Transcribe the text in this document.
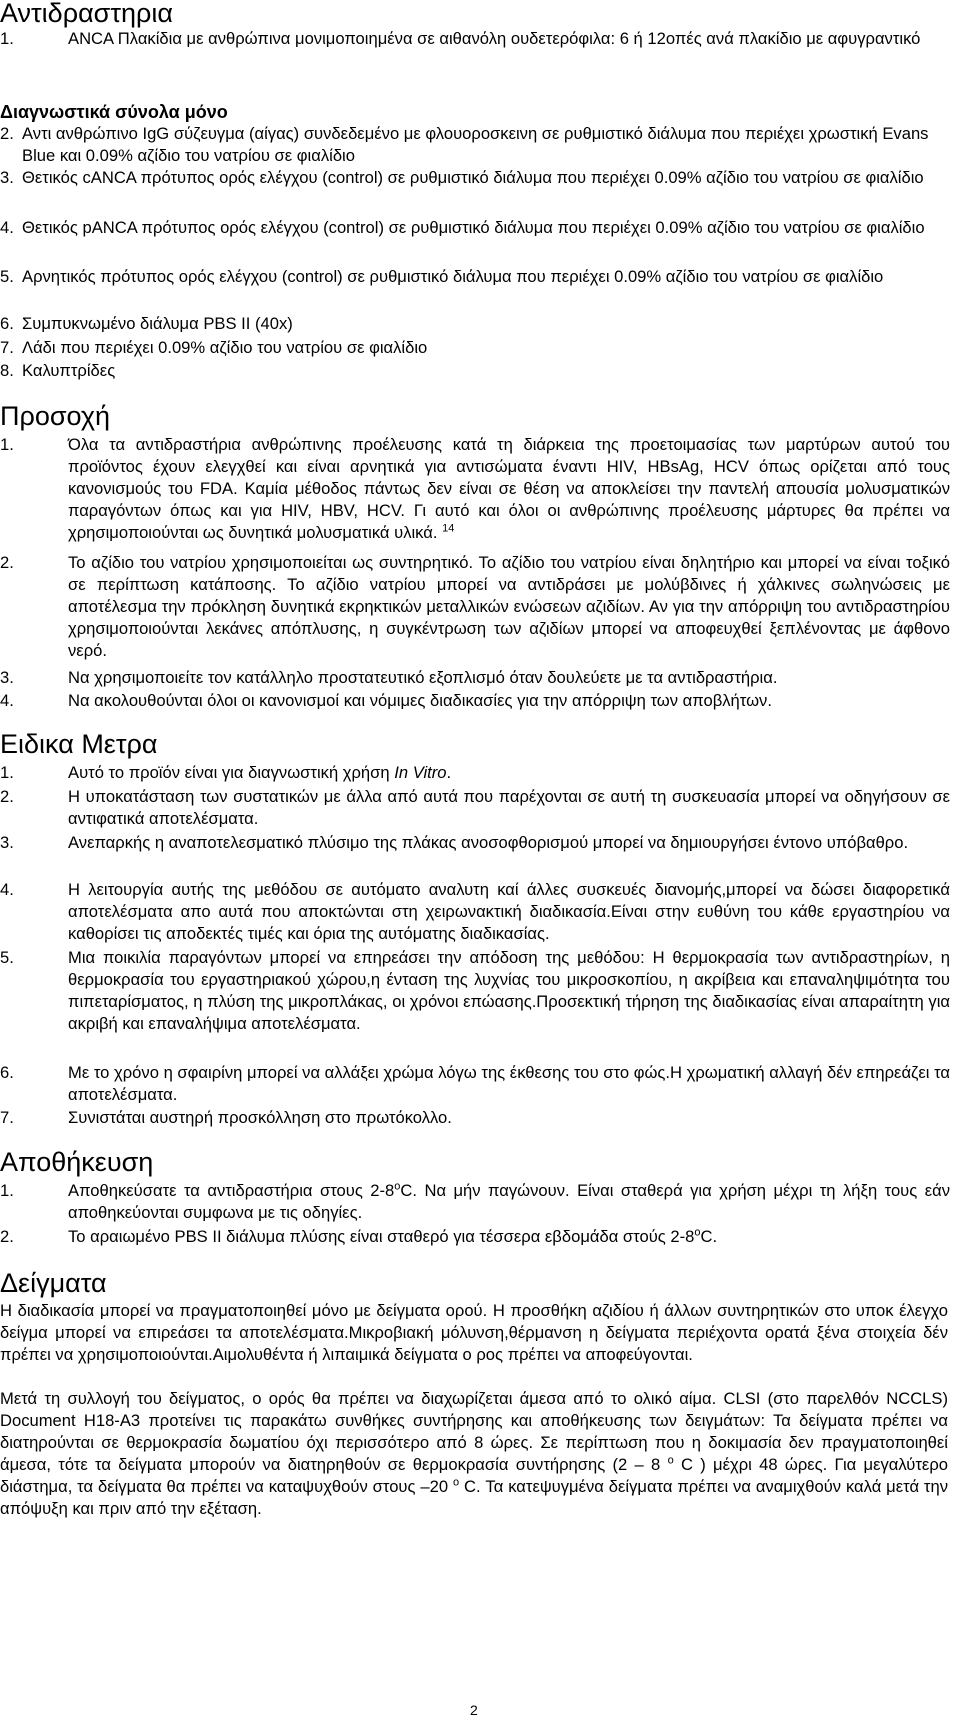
Αντιδραστηρια
1.	ANCA Πλακίδια με ανθρώπινα μονιμοποιημένα σε αιθανόλη ουδετερόφιλα: 6 ή 12οπές ανά πλακίδιο με αφυγραντικό
Διαγνωστικά σύνολα μόνο
2. Αντι ανθρώπινο IgG σύζευγμα (αίγας) συνδεδεμένο με φλουοροσκεινη σε ρυθμιστικό διάλυμα που περιέχει χρωστική Evans Blue και 0.09% αζίδιο του νατρίου σε φιαλίδιο
3. Θετικός cANCA πρότυπος ορός ελέγχου (control) σε ρυθμιστικό διάλυμα που περιέχει 0.09% αζίδιο του νατρίου σε φιαλίδιο
4. Θετικός pANCA πρότυπος ορός ελέγχου (control) σε ρυθμιστικό διάλυμα που περιέχει 0.09% αζίδιο του νατρίου σε φιαλίδιο
5. Αρνητικός πρότυπος ορός ελέγχου (control) σε ρυθμιστικό διάλυμα που περιέχει 0.09% αζίδιο του νατρίου σε φιαλίδιο
6. Συμπυκνωμένο διάλυμα PBS II (40x)
7. Λάδι που περιέχει 0.09% αζίδιο του νατρίου σε φιαλίδιο
8. Καλυπτρίδες
Προσοχή
1.	Όλα τα αντιδραστήρια ανθρώπινης προέλευσης κατά τη διάρκεια της προετοιμασίας των μαρτύρων αυτού του προϊόντος έχουν ελεγχθεί και είναι αρνητικά για αντισώματα έναντι HIV, HBsAg, HCV όπως ορίζεται από τους κανονισμούς του FDA. Καμία μέθοδος πάντως δεν είναι σε θέση να αποκλείσει την παντελή απουσία μολυσματικών παραγόντων όπως και για HIV, HBV, HCV. Γι αυτό και όλοι οι ανθρώπινης προέλευσης μάρτυρες θα πρέπει να χρησιμοποιούνται ως δυνητικά μολυσματικά υλικά. $^{14}$
2.	Το αζίδιο του νατρίου χρησιμοποιείται ως συντηρητικό. Το αζίδιο του νατρίου είναι δηλητήριο και μπορεί να είναι τοξικό σε περίπτωση κατάποσης. Το αζίδιο νατρίου μπορεί να αντιδράσει με μολύβδινες ή χάλκινες σωληνώσεις με αποτέλεσμα την πρόκληση δυνητικά εκρηκτικών μεταλλικών ενώσεων αζιδίων. Αν για την απόρριψη του αντιδραστηρίου χρησιμοποιούνται λεκάνες απόπλυσης, η συγκέντρωση των αζιδίων μπορεί να αποφευχθεί ξεπλένοντας με άφθονο νερό.
3.	Να χρησιμοποιείτε τον κατάλληλο προστατευτικό εξοπλισμό όταν δουλεύετε με τα αντιδραστήρια.
4.	Να ακολουθούνται όλοι οι κανονισμοί και νόμιμες διαδικασίες για την απόρριψη των αποβλήτων.
Ειδικα Μετρα
1.	Αυτό το προϊόν είναι για διαγνωστική χρήση In Vitro.
2.	Η υποκατάσταση των συστατικών με άλλα από αυτά που παρέχονται σε αυτή τη συσκευασία μπορεί να οδηγήσουν σε αντιφατικά αποτελέσματα.
3.	Ανεπαρκής η αναποτελεσματικό πλύσιμο της πλάκας ανοσοφθορισμού μπορεί να δημιουργήσει έντονο υπόβαθρο.
4.	Η λειτουργία αυτής της μεθόδου σε αυτόματο αναλυτη καί άλλες συσκευές διανομής,μπορεί να δώσει διαφορετικά αποτελέσματα απο αυτά που αποκτώνται στη χειρωνακτική διαδικασία.Είναι στην ευθύνη του κάθε εργαστηρίου να καθορίσει τις αποδεκτές τιμές και όρια της αυτόματης διαδικασίας.
5.	Μια ποικιλία παραγόντων μπορεί να επηρεάσει την απόδοση της μεθόδου: Η θερμοκρασία των αντιδραστηρίων, η θερμοκρασία του εργαστηριακού χώρου,η ένταση της λυχνίας του μικροσκοπίου, η ακρίβεια και επαναληψιμότητα του πιπεταρίσματος, η πλύση της μικροπλάκας, οι χρόνοι επώασης.Προσεκτική τήρηση της διαδικασίας είναι απαραίτητη για ακριβή και επαναλήψιμα αποτελέσματα.
6.	Με το χρόνο η σφαιρίνη μπορεί να αλλάξει χρώμα λόγω της έκθεσης του στο φώς.Η χρωματική αλλαγή δέν επηρεάζει τα αποτελέσματα.
7.	Συνιστάται αυστηρή προσκόλληση στο πρωτόκολλο.
Αποθήκευση
1.	Αποθηκεύσατε τα αντιδραστήρια στους 2-8$^o$C. Να μήν παγώνουν. Είναι σταθερά για χρήση μέχρι τη λήξη τους εάν αποθηκεύονται συμφωνα με τις οδηγίες.
2.	Το αραιωμένο PBS II διάλυμα πλύσης είναι σταθερό για τέσσερα εβδομάδα στούς 2-8$^o$C.
Δείγματα
Η διαδικασία μπορεί να πραγματοποιηθεί μόνο με δείγματα ορού. Η προσθήκη αζιδίου ή άλλων συντηρητικών στο υποκ έλεγχο δείγμα μπορεί να επιρεάσει τα αποτελέσματα.Μικροβιακή μόλυνση,θέρμανση η δείγματα περιέχοντα ορατά ξένα στοιχεία δέν πρέπει να χρησιμοποιούνται.Αιμολυθέντα ή λιπαιμικά δείγματα ο ρος πρέπει να αποφεύγονται.
Μετά τη συλλογή του δείγματος, ο ορός θα πρέπει να διαχωρίζεται άμεσα από το ολικό αίμα. CLSI (στο παρελθόν NCCLS) Document H18-A3 προτείνει τις παρακάτω συνθήκες συντήρησης και αποθήκευσης των δειγμάτων: Τα δείγματα πρέπει να διατηρούνται σε θερμοκρασία δωματίου όχι περισσότερο από 8 ώρες. Σε περίπτωση που η δοκιμασία δεν πραγματοποιηθεί άμεσα, τότε τα δείγματα μπορούν να διατηρηθούν σε θερμοκρασία συντήρησης (2 – 8 $^o$ C ) μέχρι 48 ώρες. Για μεγαλύτερο διάστημα, τα δείγματα θα πρέπει να καταψυχθούν στους –20 $^o$ C. Τα κατεψυγμένα δείγματα πρέπει να αναμιχθούν καλά μετά την απόψυξη και πριν από την εξέταση.
2
